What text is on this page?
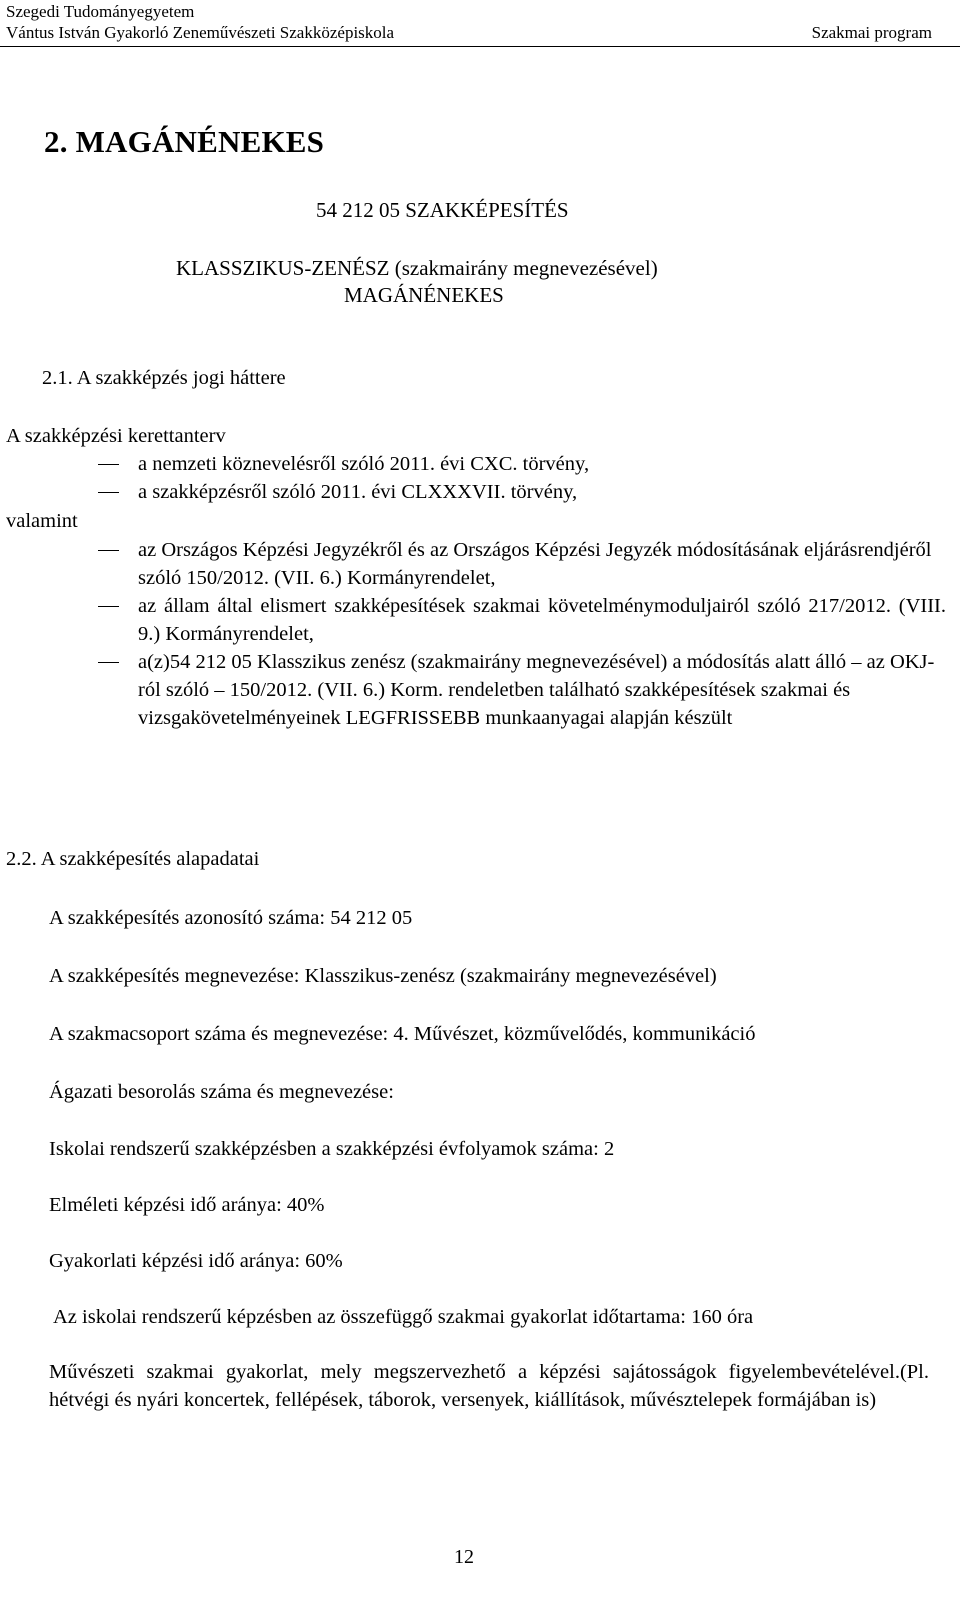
Szegedi Tudományegyetem
Vántus István Gyakorló Zeneművészeti Szakközépiskola	Szakmai program
2. MAGÁNÉNEKES
54 212 05 SZAKKÉPESÍTÉS
KLASSZIKUS-ZENÉSZ (szakmairány megnevezésével)
MAGÁNÉNEKES
2.1. A szakképzés jogi háttere
A szakképzési kerettanterv
a nemzeti köznevelésről szóló 2011. évi CXC. törvény,
a szakképzésről szóló 2011. évi CLXXXVII. törvény,
valamint
az Országos Képzési Jegyzékről és az Országos Képzési Jegyzék módosításának eljárásrendjéről szóló 150/2012. (VII. 6.) Kormányrendelet,
az állam által elismert szakképesítések szakmai követelménymoduljairól szóló 217/2012. (VIII. 9.) Kormányrendelet,
a(z)54 212 05 Klasszikus zenész (szakmairány megnevezésével) a módosítás alatt álló – az OKJ-ról szóló – 150/2012. (VII. 6.) Korm. rendeletben található szakképesítések szakmai és vizsgakövetelményeinek LEGFRISSEBB munkaanyagai alapján készült
2.2. A szakképesítés alapadatai
A szakképesítés azonosító száma: 54 212 05
A szakképesítés megnevezése: Klasszikus-zenész (szakmairány megnevezésével)
A szakmacsoport száma és megnevezése: 4. Művészet, közművelődés, kommunikáció
Ágazati besorolás száma és megnevezése:
Iskolai rendszerű szakképzésben a szakképzési évfolyamok száma: 2
Elméleti képzési idő aránya: 40%
Gyakorlati képzési idő aránya: 60%
Az iskolai rendszerű képzésben az összefüggő szakmai gyakorlat időtartama: 160 óra
Művészeti szakmai gyakorlat, mely megszervezhető a képzési sajátosságok figyelembevételével.(Pl. hétvégi és nyári koncertek, fellépések, táborok, versenyek, kiállítások, művésztelepek formájában is)
12
